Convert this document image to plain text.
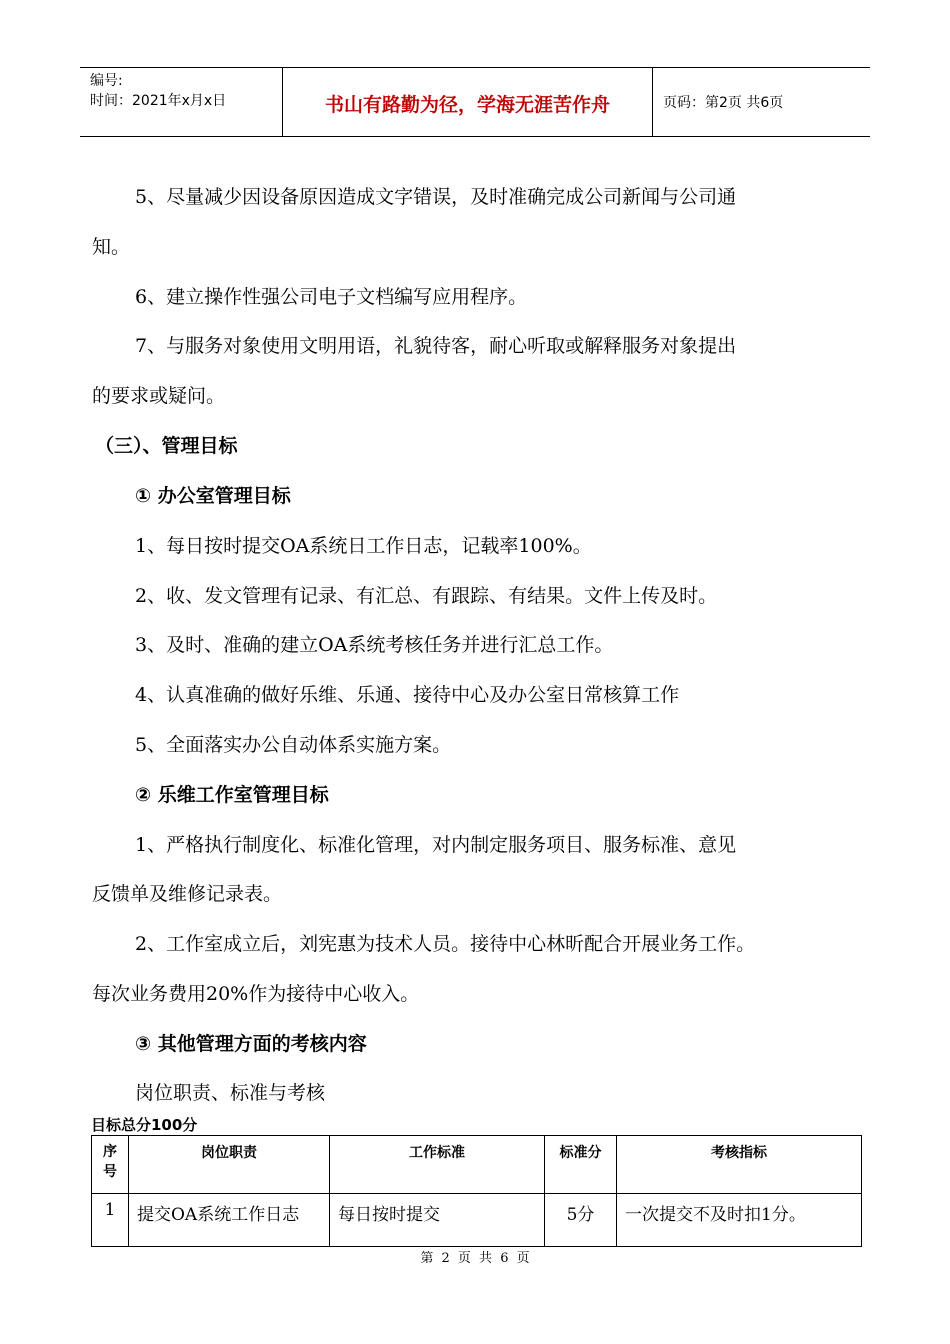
编号:
时间：2021年x月x日	书山有路勤为径，学海无涯苦作舟	页码：第2页 共6页
5、尽量减少因设备原因造成文字错误，及时准确完成公司新闻与公司通
知。
6、建立操作性强公司电子文档编写应用程序。
7、与服务对象使用文明用语，礼貌待客，耐心听取或解释服务对象提出
的要求或疑问。
（三）、管理目标
① 办公室管理目标
1、每日按时提交OA系统日工作日志，记载率100%。
2、收、发文管理有记录、有汇总、有跟踪、有结果。文件上传及时。
3、及时、准确的建立OA系统考核任务并进行汇总工作。
4、认真准确的做好乐维、乐通、接待中心及办公室日常核算工作
5、全面落实办公自动体系实施方案。
② 乐维工作室管理目标
1、严格执行制度化、标准化管理，对内制定服务项目、服务标准、意见
反馈单及维修记录表。
2、工作室成立后，刘宪惠为技术人员。接待中心林昕配合开展业务工作。
每次业务费用20%作为接待中心收入。
③ 其他管理方面的考核内容
岗位职责、标准与考核
目标总分100分
序号	岗位职责	工作标准	标准分	考核指标
1	提交OA系统工作日志	每日按时提交	5分	一次提交不及时扣1分。
第 2 页 共 6 页
